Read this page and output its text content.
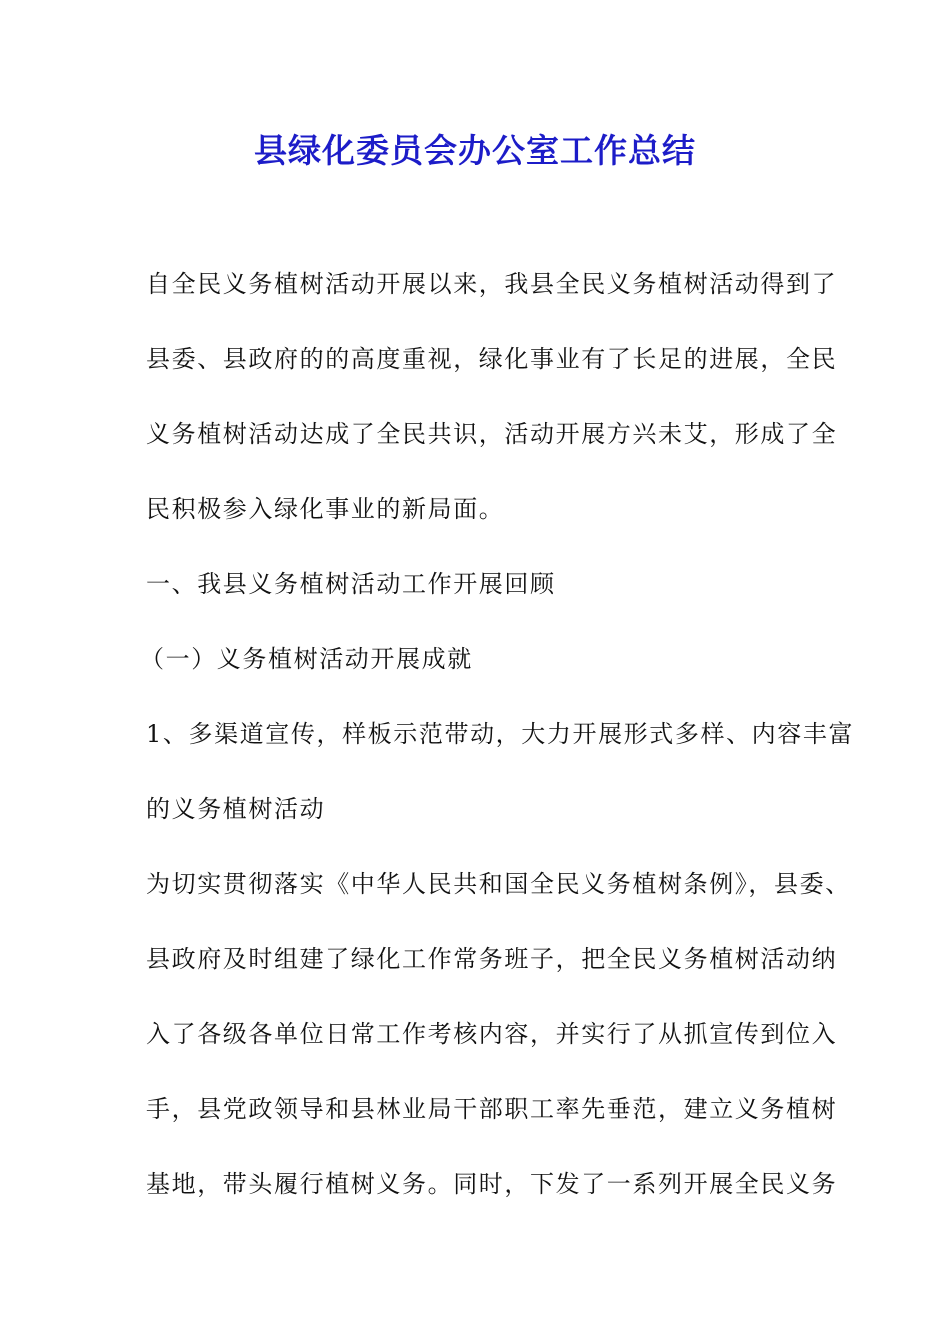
县绿化委员会办公室工作总结

自全民义务植树活动开展以来，我县全民义务植树活动得到了

县委、县政府的的高度重视，绿化事业有了长足的进展，全民

义务植树活动达成了全民共识，活动开展方兴未艾，形成了全

民积极参入绿化事业的新局面。

一、我县义务植树活动工作开展回顾

（一）义务植树活动开展成就

1、多渠道宣传，样板示范带动，大力开展形式多样、内容丰富

的义务植树活动

为切实贯彻落实《中华人民共和国全民义务植树条例》，县委、

县政府及时组建了绿化工作常务班子，把全民义务植树活动纳

入了各级各单位日常工作考核内容，并实行了从抓宣传到位入

手，县党政领导和县林业局干部职工率先垂范，建立义务植树

基地，带头履行植树义务。同时，下发了一系列开展全民义务
